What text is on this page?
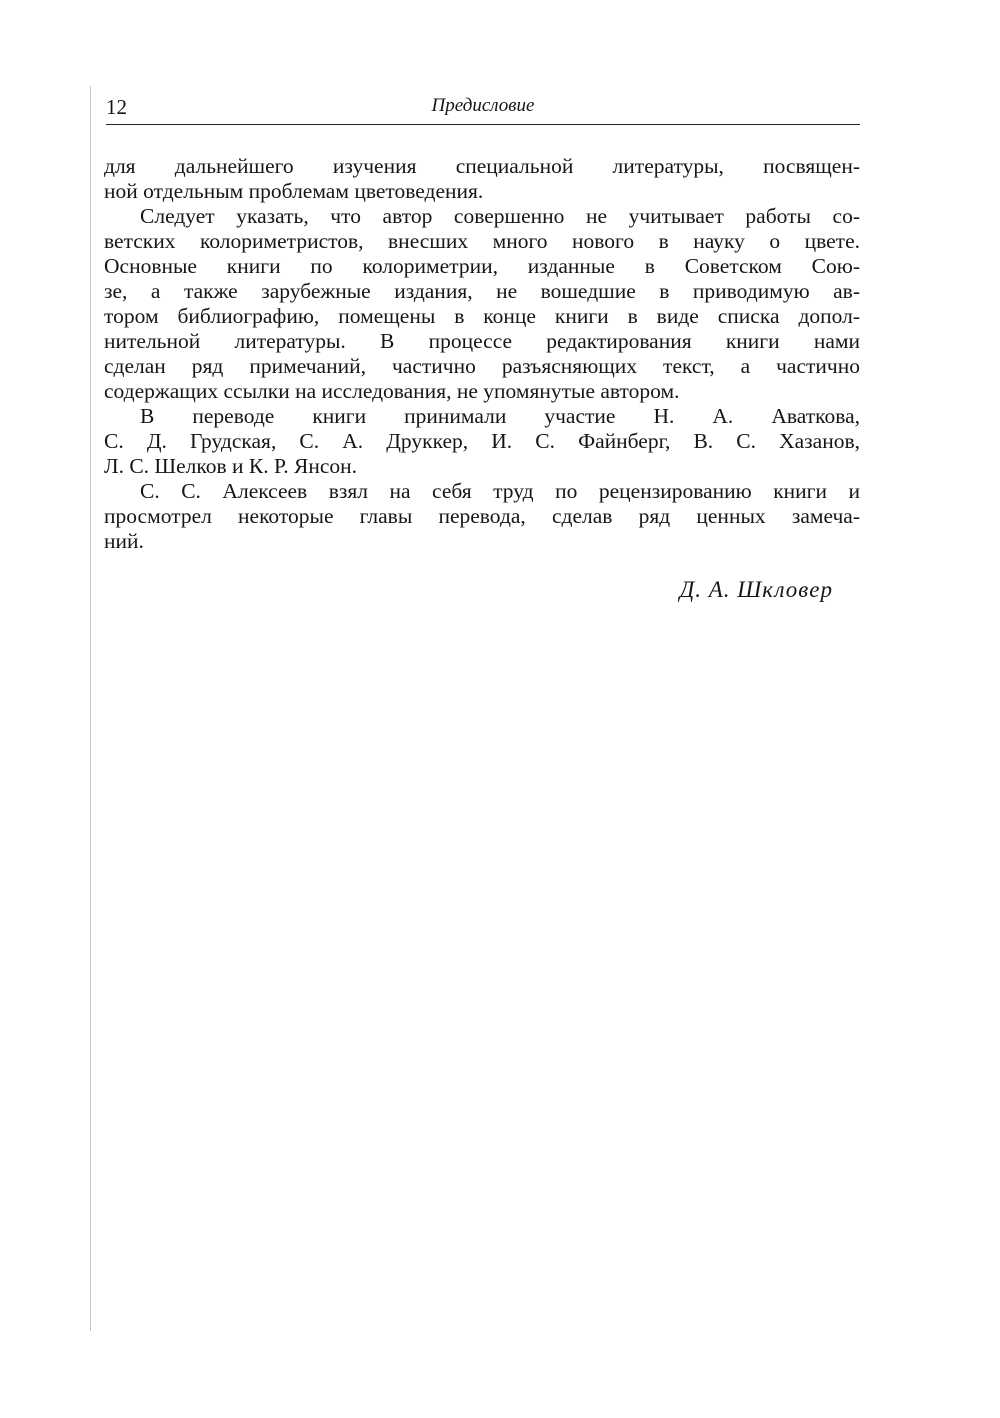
12	Предисловие
для дальнейшего изучения специальной литературы, посвящен-
ной отдельным проблемам цветоведения.
Следует указать, что автор совершенно не учитывает работы со-
ветских колориметристов, внесших много нового в науку о цвете.
Основные книги по колориметрии, изданные в Советском Сою-
зе, а также зарубежные издания, не вошедшие в приводимую ав-
тором библиографию, помещены в конце книги в виде списка допол-
нительной литературы. В процессе редактирования книги нами
сделан ряд примечаний, частично разъясняющих текст, а частично
содержащих ссылки на исследования, не упомянутые автором.
В переводе книги принимали участие Н. А. Аваткова,
С. Д. Грудская, С. А. Друккер, И. С. Файнберг, В. С. Хазанов,
Л. С. Шелков и К. Р. Янсон.
С. С. Алексеев взял на себя труд по рецензированию книги и
просмотрел некоторые главы перевода, сделав ряд ценных замеча-
ний.
Д. А. Шкловер
